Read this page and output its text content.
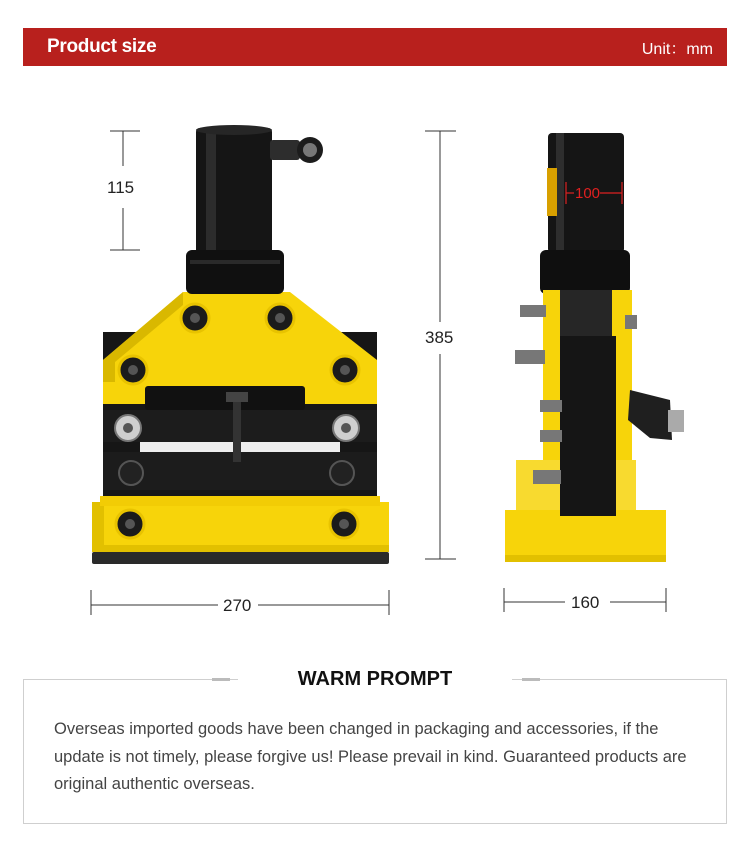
Product size	Unit：mm
115
385
270	160
100
WARM PROMPT

Overseas imported goods have been changed in packaging and accessories, if the update is not timely, please forgive us! Please prevail in kind. Guaranteed products are original authentic overseas.
